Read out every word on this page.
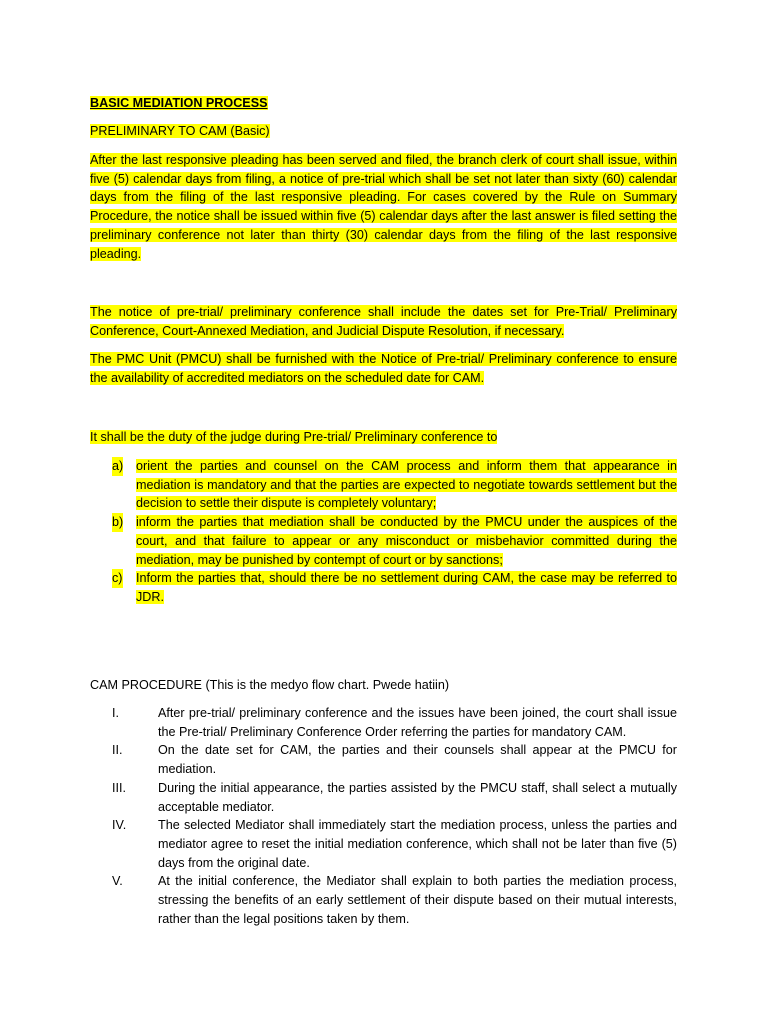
BASIC MEDIATION PROCESS
PRELIMINARY TO CAM (Basic)
After the last responsive pleading has been served and filed, the branch clerk of court shall issue, within five (5) calendar days from filing, a notice of pre-trial which shall be set not later than sixty (60) calendar days from the filing of the last responsive pleading. For cases covered by the Rule on Summary Procedure, the notice shall be issued within five (5) calendar days after the last answer is filed setting the preliminary conference not later than thirty (30) calendar days from the filing of the last responsive pleading.
The notice of pre-trial/ preliminary conference shall include the dates set for Pre-Trial/ Preliminary Conference, Court-Annexed Mediation, and Judicial Dispute Resolution, if necessary.
The PMC Unit (PMCU) shall be furnished with the Notice of Pre-trial/ Preliminary conference to ensure the availability of accredited mediators on the scheduled date for CAM.
It shall be the duty of the judge during Pre-trial/ Preliminary conference to
a) orient the parties and counsel on the CAM process and inform them that appearance in mediation is mandatory and that the parties are expected to negotiate towards settlement but the decision to settle their dispute is completely voluntary;
b) inform the parties that mediation shall be conducted by the PMCU under the auspices of the court, and that failure to appear or any misconduct or misbehavior committed during the mediation, may be punished by contempt of court or by sanctions;
c) Inform the parties that, should there be no settlement during CAM, the case may be referred to JDR.
CAM PROCEDURE (This is the medyo flow chart. Pwede hatiin)
I.	After pre-trial/ preliminary conference and the issues have been joined, the court shall issue the Pre-trial/ Preliminary Conference Order referring the parties for mandatory CAM.
II.	On the date set for CAM, the parties and their counsels shall appear at the PMCU for mediation.
III.	During the initial appearance, the parties assisted by the PMCU staff, shall select a mutually acceptable mediator.
IV.	The selected Mediator shall immediately start the mediation process, unless the parties and mediator agree to reset the initial mediation conference, which shall not be later than five (5) days from the original date.
V.	At the initial conference, the Mediator shall explain to both parties the mediation process, stressing the benefits of an early settlement of their dispute based on their mutual interests, rather than the legal positions taken by them.
